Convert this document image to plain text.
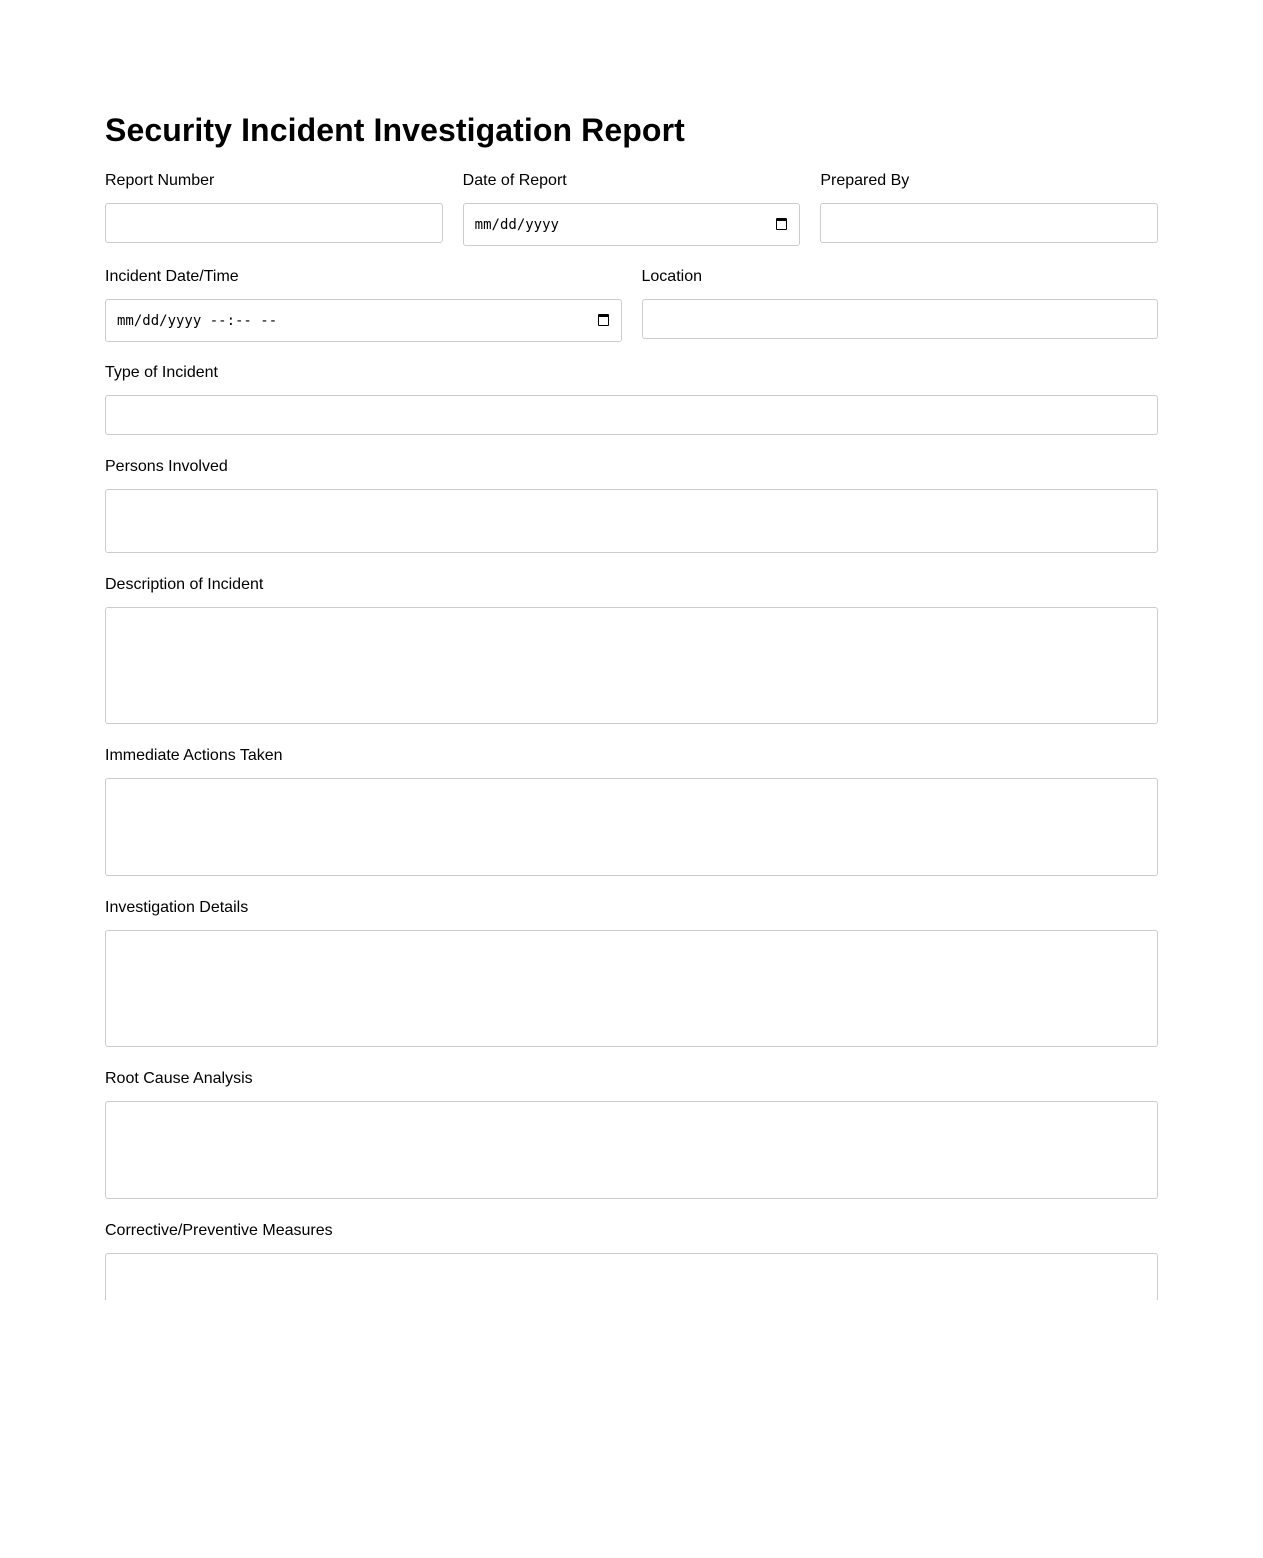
Security Incident Investigation Report
Report Number	Date of Report
mm/dd/yyyy
Prepared By
Incident Date/Time
mm/dd/yyyy --:-- --
Location
Type of Incident
Persons Involved
Description of Incident
Immediate Actions Taken
Investigation Details
Root Cause Analysis
Corrective/Preventive Measures
